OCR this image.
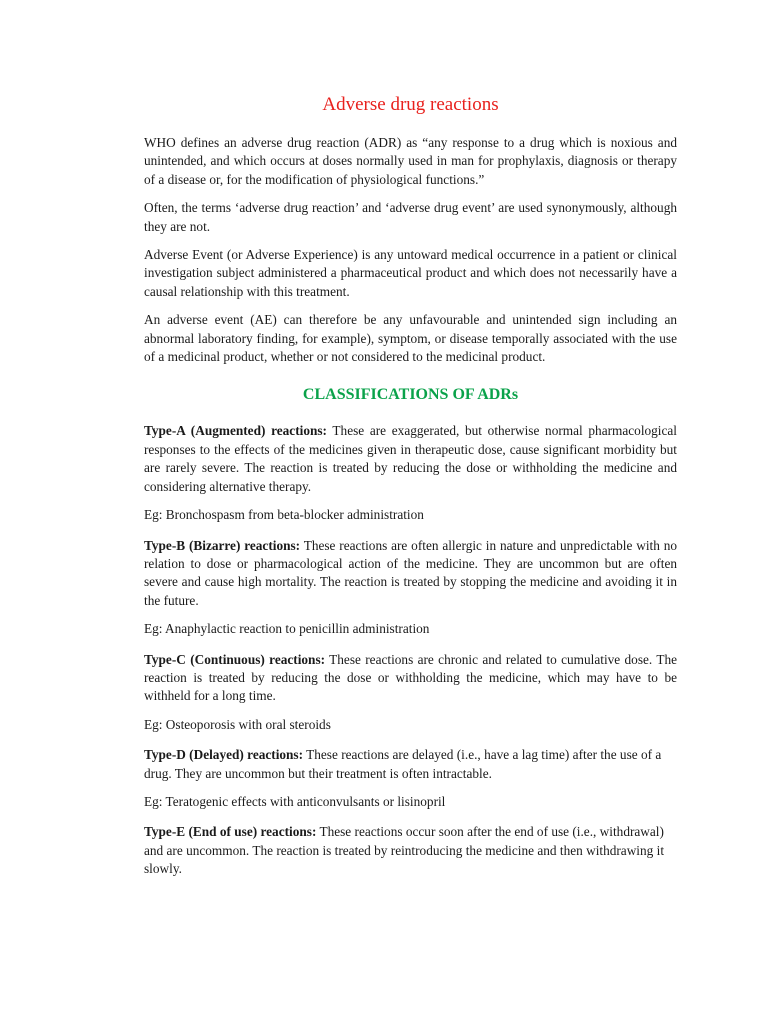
Adverse drug reactions

WHO defines an adverse drug reaction (ADR) as “any response to a drug which is noxious and unintended, and which occurs at doses normally used in man for prophylaxis, diagnosis or therapy of a disease or, for the modification of physiological functions.”

Often, the terms ‘adverse drug reaction’ and ‘adverse drug event’ are used synonymously, although they are not.

Adverse Event (or Adverse Experience) is any untoward medical occurrence in a patient or clinical investigation subject administered a pharmaceutical product and which does not necessarily have a causal relationship with this treatment.

An adverse event (AE) can therefore be any unfavourable and unintended sign including an abnormal laboratory finding, for example), symptom, or disease temporally associated with the use of a medicinal product, whether or not considered to the medicinal product.

CLASSIFICATIONS OF ADRs

Type-A (Augmented) reactions: These are exaggerated, but otherwise normal pharmacological responses to the effects of the medicines given in therapeutic dose, cause significant morbidity but are rarely severe. The reaction is treated by reducing the dose or withholding the medicine and considering alternative therapy.

Eg: Bronchospasm from beta-blocker administration

Type-B (Bizarre) reactions: These reactions are often allergic in nature and unpredictable with no relation to dose or pharmacological action of the medicine. They are uncommon but are often severe and cause high mortality. The reaction is treated by stopping the medicine and avoiding it in the future.

Eg: Anaphylactic reaction to penicillin administration

Type-C (Continuous) reactions: These reactions are chronic and related to cumulative dose. The reaction is treated by reducing the dose or withholding the medicine, which may have to be withheld for a long time.

Eg: Osteoporosis with oral steroids

Type-D (Delayed) reactions: These reactions are delayed (i.e., have a lag time) after the use of a drug. They are uncommon but their treatment is often intractable.

Eg: Teratogenic effects with anticonvulsants or lisinopril

Type-E (End of use) reactions: These reactions occur soon after the end of use (i.e., withdrawal) and are uncommon. The reaction is treated by reintroducing the medicine and then withdrawing it slowly.
